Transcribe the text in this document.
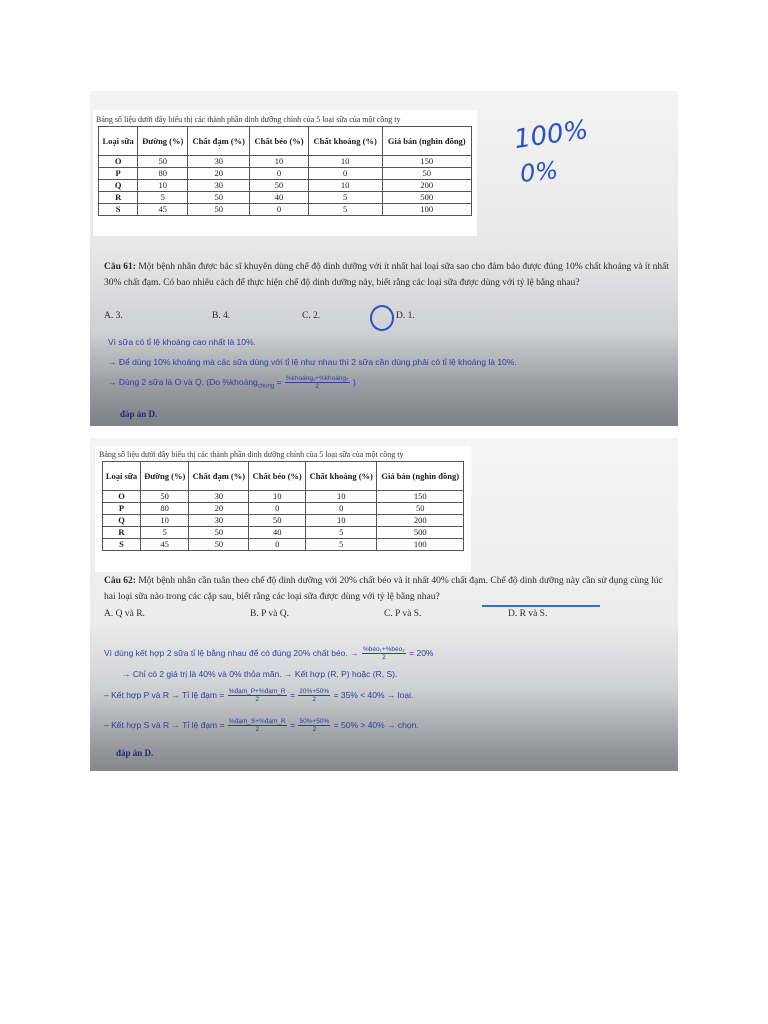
Bảng số liệu dưới đây biểu thị các thành phần dinh dưỡng chính của 5 loại sữa của một công ty
Loại sữa	Đường (%)	Chất đạm (%)	Chất béo (%)	Chất khoáng (%)	Giá bán (nghìn đồng)
O	50	30	10	10	150
P	80	20	0	0	50
Q	10	30	50	10	200
R	5	50	40	5	500
S	45	50	0	5	100
Câu 61: Một bệnh nhân được bác sĩ khuyên dùng chế độ dinh dưỡng với ít nhất hai loại sữa sao cho đảm bảo được đúng 10% chất khoáng và ít nhất 30% chất đạm. Có bao nhiêu cách để thực hiện chế độ dinh dưỡng này, biết rằng các loại sữa được dùng với tỷ lệ bằng nhau?
A. 3.	B. 4.	C. 2.	D. 1.
Vì sữa có tỉ lệ khoáng cao nhất là 10%.
→ Để dùng 10% khoáng mà các sữa dùng với tỉ lệ như nhau thì 2 sữa cần dùng phải có tỉ lệ khoáng là 10%.
→ Dùng 2 sữa là O và Q. (Do %khoáng$_{chung}$ = $\frac{\text{\%khoáng₁+\%khoáng₂}}{2}$ )
đáp án D.
100%
0%
Bảng số liệu dưới đây biểu thị các thành phần dinh dưỡng chính của 5 loại sữa của một công ty
Loại sữa	Đường (%)	Chất đạm (%)	Chất béo (%)	Chất khoáng (%)	Giá bán (nghìn đồng)
O	50	30	10	10	150
P	80	20	0	0	50
Q	10	30	50	10	200
R	5	50	40	5	500
S	45	50	0	5	100
Câu 62: Một bệnh nhân cần tuân theo chế độ dinh dưỡng với 20% chất béo và ít nhất 40% chất đạm. Chế độ dinh dưỡng này cần sử dụng cùng lúc hai loại sữa nào trong các cặp sau, biết rằng các loại sữa được dùng với tỷ lệ bằng nhau?
A. Q và R.	B. P và Q.	C. P và S.	D. R và S.
Vì dùng kết hợp 2 sữa tỉ lệ bằng nhau để có đúng 20% chất béo. → $\frac{\text{\%béo₁+\%béo₂}}{2} = 20\%$
→ Chỉ có 2 giá trị là 40% và 0% thỏa mãn. → Kết hợp (R, P) hoặc (R, S).
– Kết hợp P và R → Tỉ lệ đạm = $\frac{\text{\%đạm\_P+\%đạm\_R}}{2} = \frac{20\%+50\%}{2} = 35\% < 40\%$ → loại.
– Kết hợp S và R → Tỉ lệ đạm = $\frac{\text{\%đạm\_S+\%đạm\_R}}{2} = \frac{50\%+50\%}{2} = 50\% > 40\%$ → chọn.
đáp án D.
